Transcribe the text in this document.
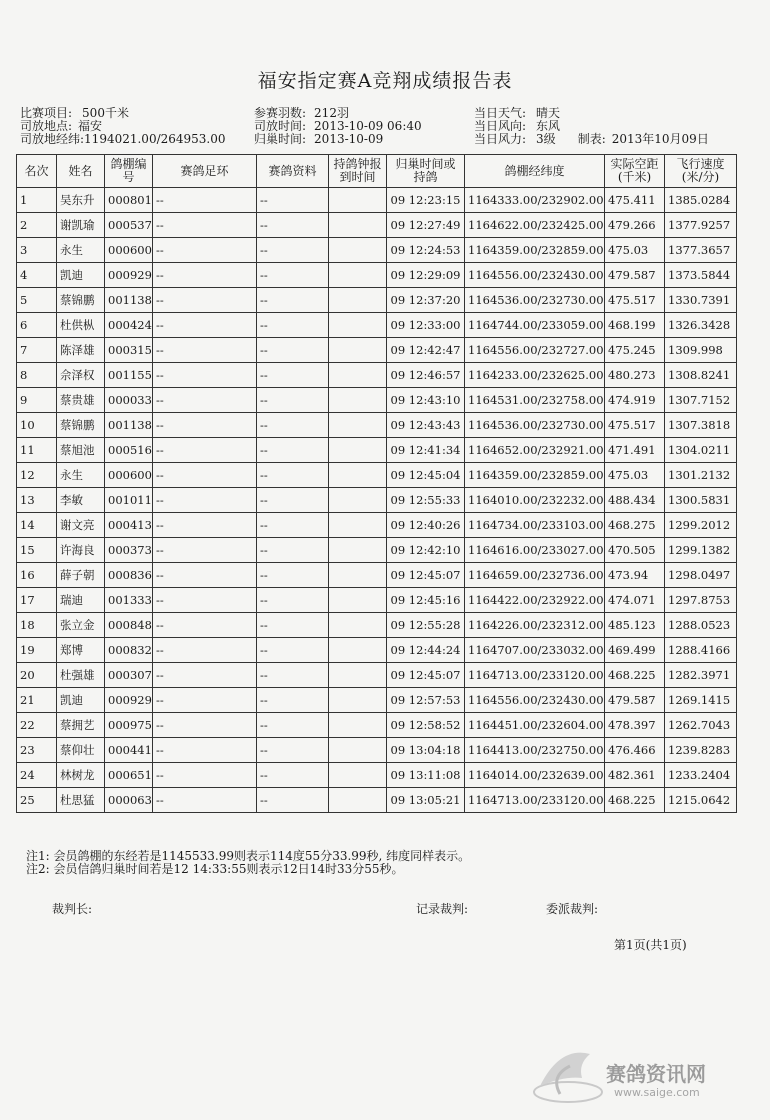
福安指定赛A竞翔成绩报告表
比赛项目: 500千米
司放地点: 福安
司放地经纬:1194021.00/264953.00
参赛羽数: 212羽
司放时间: 2013-10-09 06:40
归巢时间: 2013-10-09
当日天气: 晴天
当日风向: 东风
当日风力: 3级 制表: 2013年10月09日
名次	姓名	鸽棚编号	赛鸽足环	赛鸽资料	持鸽钟报到时间	归巢时间或持鸽	鸽棚经纬度	实际空距(千米)	飞行速度(米/分)
1	吴东升	000801	--	--		09 12:23:15	1164333.00/232902.00	475.411	1385.0284
2	谢凯瑜	000537	--	--		09 12:27:49	1164622.00/232425.00	479.266	1377.9257
3	永生	000600	--	--		09 12:24:53	1164359.00/232859.00	475.03	1377.3657
4	凯迪	000929	--	--		09 12:29:09	1164556.00/232430.00	479.587	1373.5844
5	蔡锦鹏	001138	--	--		09 12:37:20	1164536.00/232730.00	475.517	1330.7391
6	杜供枞	000424	--	--		09 12:33:00	1164744.00/233059.00	468.199	1326.3428
7	陈泽雄	000315	--	--		09 12:42:47	1164556.00/232727.00	475.245	1309.998
8	佘泽权	001155	--	--		09 12:46:57	1164233.00/232625.00	480.273	1308.8241
9	蔡贵雄	000033	--	--		09 12:43:10	1164531.00/232758.00	474.919	1307.7152
10	蔡锦鹏	001138	--	--		09 12:43:43	1164536.00/232730.00	475.517	1307.3818
11	蔡旭池	000516	--	--		09 12:41:34	1164652.00/232921.00	471.491	1304.0211
12	永生	000600	--	--		09 12:45:04	1164359.00/232859.00	475.03	1301.2132
13	李敏	001011	--	--		09 12:55:33	1164010.00/232232.00	488.434	1300.5831
14	谢文亮	000413	--	--		09 12:40:26	1164734.00/233103.00	468.275	1299.2012
15	许海良	000373	--	--		09 12:42:10	1164616.00/233027.00	470.505	1299.1382
16	薛子朝	000836	--	--		09 12:45:07	1164659.00/232736.00	473.94	1298.0497
17	瑞迪	001333	--	--		09 12:45:16	1164422.00/232922.00	474.071	1297.8753
18	张立金	000848	--	--		09 12:55:28	1164226.00/232312.00	485.123	1288.0523
19	郑博	000832	--	--		09 12:44:24	1164707.00/233032.00	469.499	1288.4166
20	杜强雄	000307	--	--		09 12:45:07	1164713.00/233120.00	468.225	1282.3971
21	凯迪	000929	--	--		09 12:57:53	1164556.00/232430.00	479.587	1269.1415
22	蔡拥艺	000975	--	--		09 12:58:52	1164451.00/232604.00	478.397	1262.7043
23	蔡仰壮	000441	--	--		09 13:04:18	1164413.00/232750.00	476.466	1239.8283
24	林树龙	000651	--	--		09 13:11:08	1164014.00/232639.00	482.361	1233.2404
25	杜思猛	000063	--	--		09 13:05:21	1164713.00/233120.00	468.225	1215.0642
注1: 会员鸽棚的东经若是1145533.99则表示114度55分33.99秒, 纬度同样表示。
注2: 会员信鸽归巢时间若是12 14:33:55则表示12日14时33分55秒。
裁判长:	记录裁判:	委派裁判:
第1页(共1页)
赛鸽资讯网
www.saige.com
